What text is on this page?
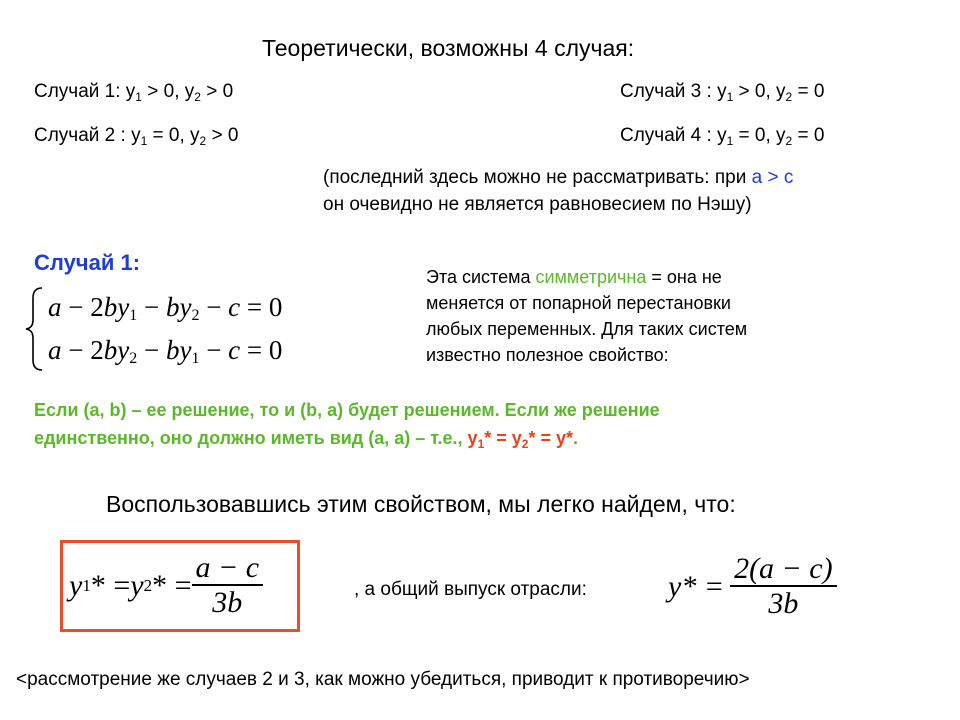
Теоретически, возможны 4 случая:
Случай 1: $y_1 > 0$, $y_2 > 0$
Случай 2 : $y_1 = 0$, $y_2 > 0$
Случай 3 : $y_1 > 0$, $y_2 = 0$
Случай 4 : $y_1 = 0$, $y_2 = 0$
(последний здесь можно не рассматривать: при a > c
он очевидно не является равновесием по Нэшу)
Случай 1:
$a - 2by_1 - by_2 - c = 0$
$a - 2by_2 - by_1 - c = 0$
Эта система симметрична = она не
меняется от попарной перестановки
любых переменных. Для таких систем
известно полезное свойство:
Если (a, b) – ее решение, то и (b, a) будет решением. Если же решение
единственно, оно должно иметь вид (a, a) – т.е., $y_1* = y_2* = y*$.
Воспользовавшись этим свойством, мы легко найдем, что:
y 1 * = y 2 * = $\frac{a - c}{3b}$	, а общий выпуск отрасли:	$y* = \frac{2(a - c)}{3b}$
<рассмотрение же случаев 2 и 3, как можно убедиться, приводит к противоречию>
